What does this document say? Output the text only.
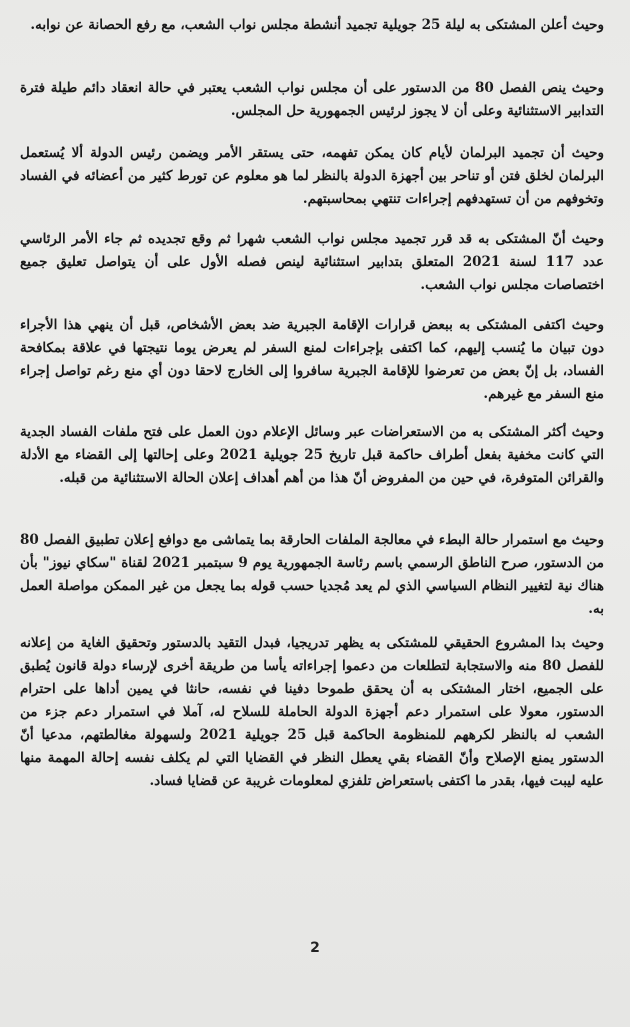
وحيث أعلن المشتكى به ليلة 25 جويلية تجميد أنشطة مجلس نواب الشعب، مع رفع الحصانة عن نوابه.

وحيث ينص الفصل 80 من الدستور على أن مجلس نواب الشعب يعتبر في حالة انعقاد دائم طيلة فترة التدابير الاستثنائية وعلى أن لا يجوز لرئيس الجمهورية حل المجلس.

وحيث أن تجميد البرلمان لأيام كان يمكن تفهمه، حتى يستقر الأمر ويضمن رئيس الدولة ألا يُستعمل البرلمان لخلق فتن أو تناحر بين أجهزة الدولة بالنظر لما هو معلوم عن تورط كثير من أعضائه في الفساد وتخوفهم من أن تستهدفهم إجراءات تنتهي بمحاسبتهم.

وحيث أنّ المشتكى به قد قرر تجميد مجلس نواب الشعب شهرا ثم وقع تجديده ثم جاء الأمر الرئاسي عدد 117 لسنة 2021 المتعلق بتدابير استثنائية لينص فصله الأول على أن يتواصل تعليق جميع اختصاصات مجلس نواب الشعب.

وحيث اكتفى المشتكى به ببعض قرارات الإقامة الجبرية ضد بعض الأشخاص، قبل أن ينهي هذا الأجراء دون تبيان ما يُنسب إليهم، كما اكتفى بإجراءات لمنع السفر لم يعرض يوما نتيجتها في علاقة بمكافحة الفساد، بل إنّ بعض من تعرضوا للإقامة الجبرية سافروا إلى الخارج لاحقا دون أي منع رغم تواصل إجراء منع السفر مع غيرهم.

وحيث أكثر المشتكى به من الاستعراضات عبر وسائل الإعلام دون العمل على فتح ملفات الفساد الجدية التي كانت مخفية بفعل أطراف حاكمة قبل تاريخ 25 جويلية 2021 وعلى إحالتها إلى القضاء مع الأدلة والقرائن المتوفرة، في حين من المفروض أنّ هذا من أهم أهداف إعلان الحالة الاستثنائية من قبله.

وحيث مع استمرار حالة البطء في معالجة الملفات الحارقة بما يتماشى مع دوافع إعلان تطبيق الفصل 80 من الدستور، صرح الناطق الرسمي باسم رئاسة الجمهورية يوم 9 سبتمبر 2021 لقناة "سكاي نيوز" بأن هناك نية لتغيير النظام السياسي الذي لم يعد مُجديا حسب قوله بما يجعل من غير الممكن مواصلة العمل به.

وحيث بدا المشروع الحقيقي للمشتكى به يظهر تدريجيا، فبدل التقيد بالدستور وتحقيق الغاية من إعلانه للفصل 80 منه والاستجابة لتطلعات من دعموا إجراءاته يأسا من طريقة أخرى لإرساء دولة قانون يُطبق على الجميع، اختار المشتكى به أن يحقق طموحا دفينا في نفسه، حانثا في يمين أداها على احترام الدستور، معولا على استمرار دعم أجهزة الدولة الحاملة للسلاح له، آملا في استمرار دعم جزء من الشعب له بالنظر لكرههم للمنظومة الحاكمة قبل 25 جويلية 2021 ولسهولة مغالطتهم، مدعيا أنّ الدستور يمنع الإصلاح وأنّ القضاء بقي يعطل النظر في القضايا التي لم يكلف نفسه إحالة المهمة منها عليه ليبت فيها، بقدر ما اكتفى باستعراض تلفزي لمعلومات غريبة عن قضايا فساد.

2
